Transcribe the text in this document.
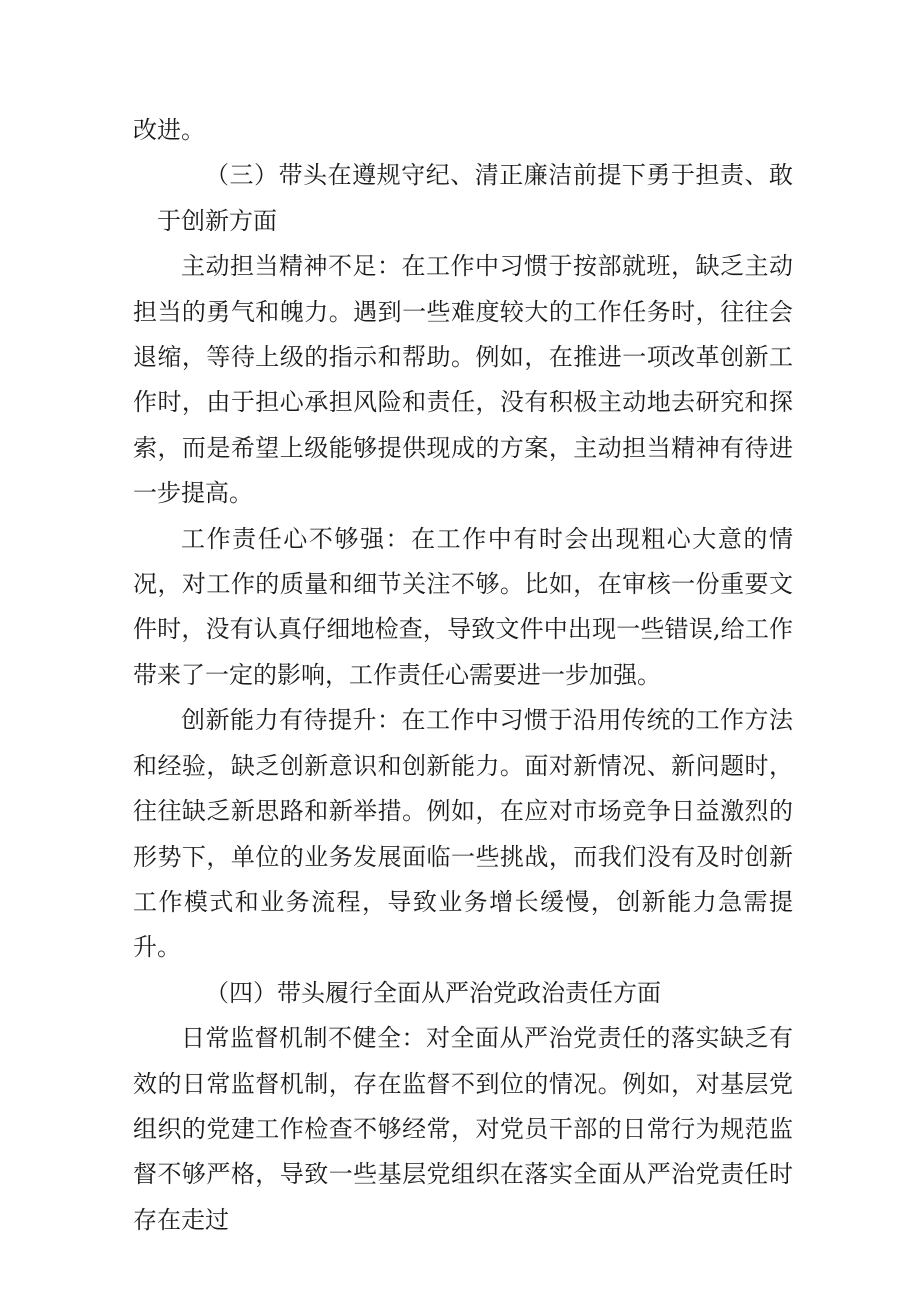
改进。

（三）带头在遵规守纪、清正廉洁前提下勇于担责、敢于创新方面

主动担当精神不足：在工作中习惯于按部就班，缺乏主动担当的勇气和魄力。遇到一些难度较大的工作任务时，往往会退缩，等待上级的指示和帮助。例如，在推进一项改革创新工作时，由于担心承担风险和责任，没有积极主动地去研究和探索，而是希望上级能够提供现成的方案，主动担当精神有待进一步提高。

工作责任心不够强：在工作中有时会出现粗心大意的情况，对工作的质量和细节关注不够。比如，在审核一份重要文件时，没有认真仔细地检查，导致文件中出现一些错误,给工作带来了一定的影响，工作责任心需要进一步加强。

创新能力有待提升：在工作中习惯于沿用传统的工作方法和经验，缺乏创新意识和创新能力。面对新情况、新问题时，往往缺乏新思路和新举措。例如，在应对市场竞争日益激烈的形势下，单位的业务发展面临一些挑战，而我们没有及时创新工作模式和业务流程，导致业务增长缓慢，创新能力急需提升。

（四）带头履行全面从严治党政治责任方面

日常监督机制不健全：对全面从严治党责任的落实缺乏有效的日常监督机制，存在监督不到位的情况。例如，对基层党组织的党建工作检查不够经常，对党员干部的日常行为规范监督不够严格，导致一些基层党组织在落实全面从严治党责任时存在走过
